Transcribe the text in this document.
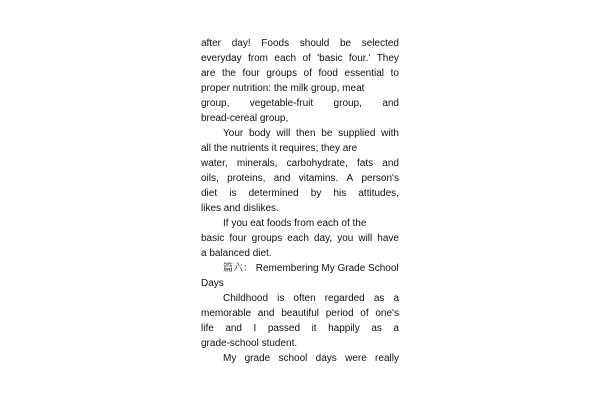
after day! Foods should be selected
everyday from each of 'basic four.' They
are the four groups of food essential to
proper nutrition: the milk group, meat
group, vegetable-fruit group, and
bread-cereal group,
Your body will then be supplied with
all the nutrients it requires; they are
water, minerals, carbohydrate, fats and
oils, proteins, and vitamins. A person's
diet is determined by his attitudes,
likes and dislikes.
If you eat foods from each of the
basic four groups each day, you will have
a balanced diet.
篇六： Remembering My Grade School
Days
Childhood is often regarded as a
memorable and beautiful period of one's
life and I passed it happily as a
grade-school student.
My grade school days were really
